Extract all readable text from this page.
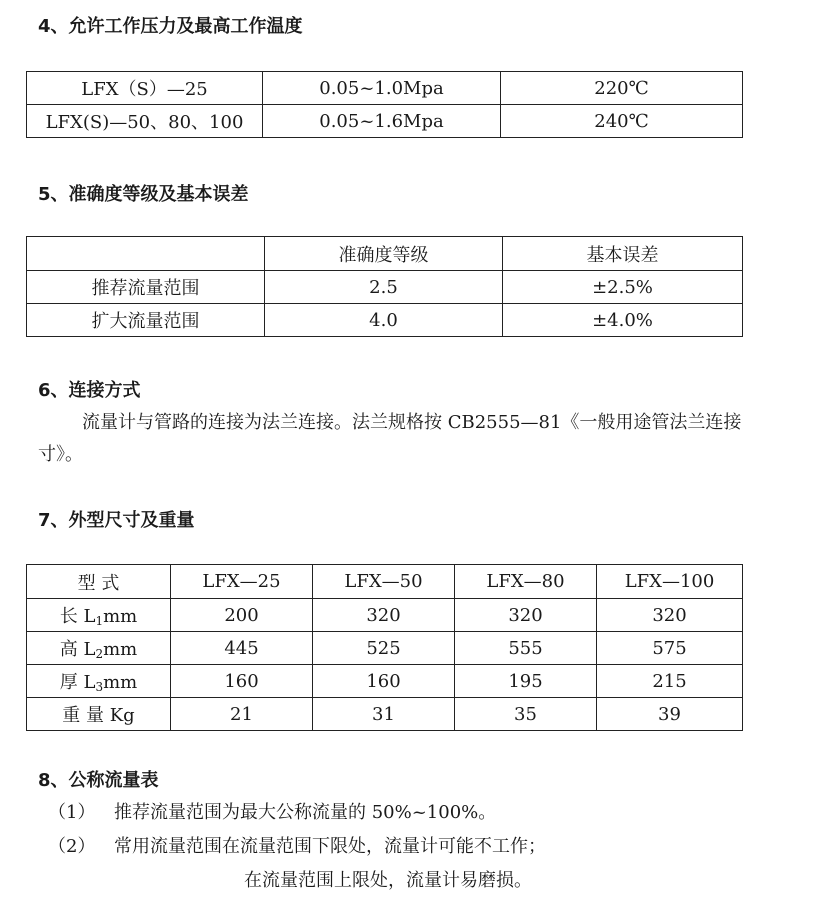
4、允许工作压力及最高工作温度
LFX（S）—25	0.05~1.0Mpa	220℃
LFX(S)—50、80、100	0.05~1.6Mpa	240℃
5、准确度等级及基本误差
	准确度等级	基本误差
推荐流量范围	2.5	±2.5%
扩大流量范围	4.0	±4.0%
6、连接方式
流量计与管路的连接为法兰连接。法兰规格按 CB2555—81《一般用途管法兰连接
寸》。
7、外型尺寸及重量
型 式	LFX—25	LFX—50	LFX—80	LFX—100
长 $L_1mm$	200	320	320	320
高 $L_2mm$	445	525	555	575
厚 $L_3mm$	160	160	195	215
重 量 Kg	21	31	35	39
8、公称流量表
（1） 推荐流量范围为最大公称流量的 50%~100%。
（2） 常用流量范围在流量范围下限处，流量计可能不工作；
在流量范围上限处，流量计易磨损。
